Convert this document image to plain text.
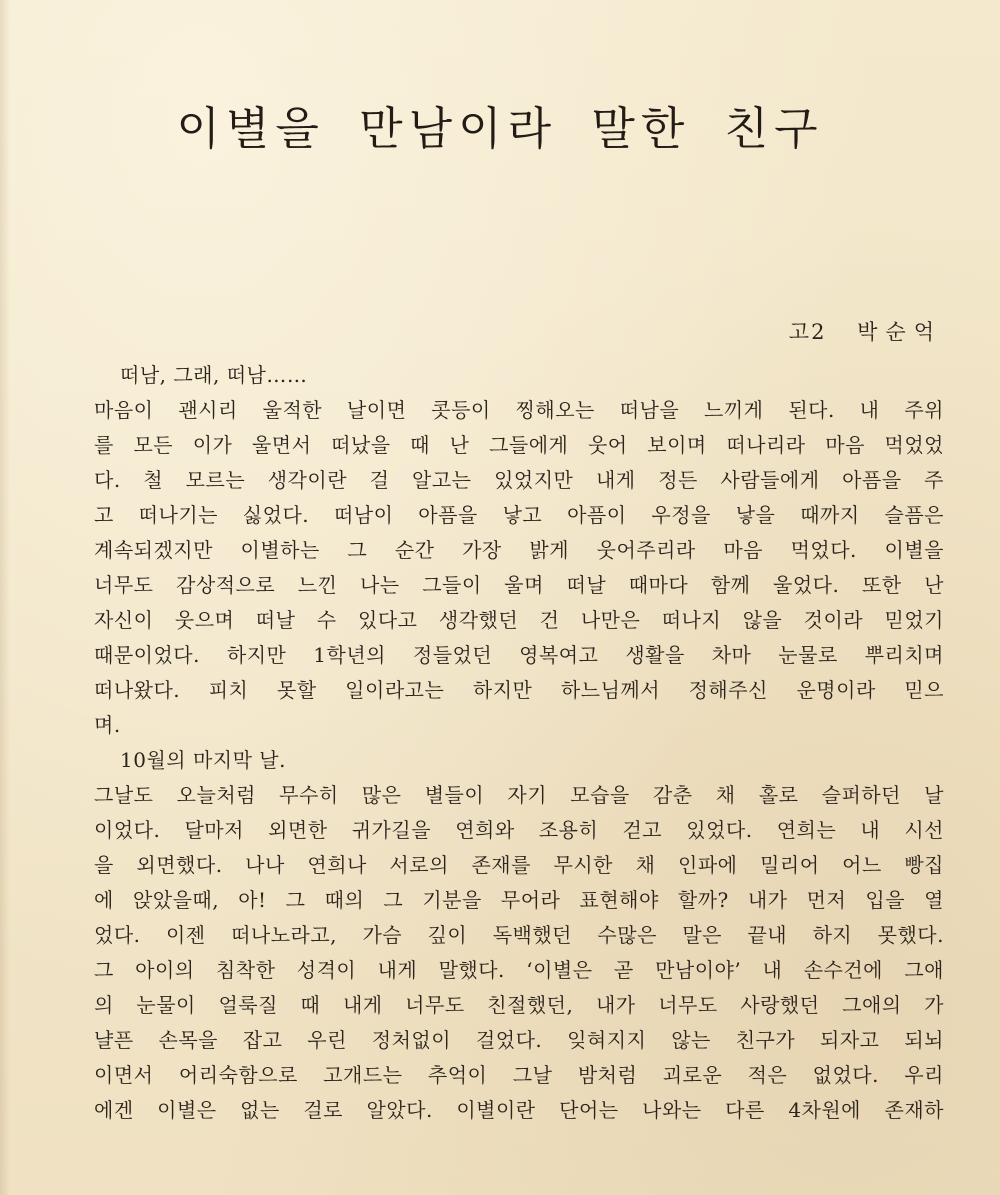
이별을 만남이라 말한 친구
고2 박순억
떠남, 그래, 떠남……
마음이 괜시리 울적한 날이면 콧등이 찡해오는 떠남을 느끼게 된다. 내 주위
를 모든 이가 울면서 떠났을 때 난 그들에게 웃어 보이며 떠나리라 마음 먹었었
다. 철 모르는 생각이란 걸 알고는 있었지만 내게 정든 사람들에게 아픔을 주
고 떠나기는 싫었다. 떠남이 아픔을 낳고 아픔이 우정을 낳을 때까지 슬픔은
계속되겠지만 이별하는 그 순간 가장 밝게 웃어주리라 마음 먹었다. 이별을
너무도 감상적으로 느낀 나는 그들이 울며 떠날 때마다 함께 울었다. 또한 난
자신이 웃으며 떠날 수 있다고 생각했던 건 나만은 떠나지 않을 것이라 믿었기
때문이었다. 하지만 1학년의 정들었던 영복여고 생활을 차마 눈물로 뿌리치며
떠나왔다. 피치 못할 일이라고는 하지만 하느님께서 정해주신 운명이라 믿으
며.
10월의 마지막 날.
그날도 오늘처럼 무수히 많은 별들이 자기 모습을 감춘 채 홀로 슬퍼하던 날
이었다. 달마저 외면한 귀가길을 연희와 조용히 걷고 있었다. 연희는 내 시선
을 외면했다. 나나 연희나 서로의 존재를 무시한 채 인파에 밀리어 어느 빵집
에 앉았을때, 아! 그 때의 그 기분을 무어라 표현해야 할까? 내가 먼저 입을 열
었다. 이젠 떠나노라고, 가슴 깊이 독백했던 수많은 말은 끝내 하지 못했다.
그 아이의 침착한 성격이 내게 말했다. ‘이별은 곧 만남이야’ 내 손수건에 그애
의 눈물이 얼룩질 때 내게 너무도 친절했던, 내가 너무도 사랑했던 그애의 가
냘픈 손목을 잡고 우린 정처없이 걸었다. 잊혀지지 않는 친구가 되자고 되뇌
이면서 어리숙함으로 고개드는 추억이 그날 밤처럼 괴로운 적은 없었다. 우리
에겐 이별은 없는 걸로 알았다. 이별이란 단어는 나와는 다른 4차원에 존재하
